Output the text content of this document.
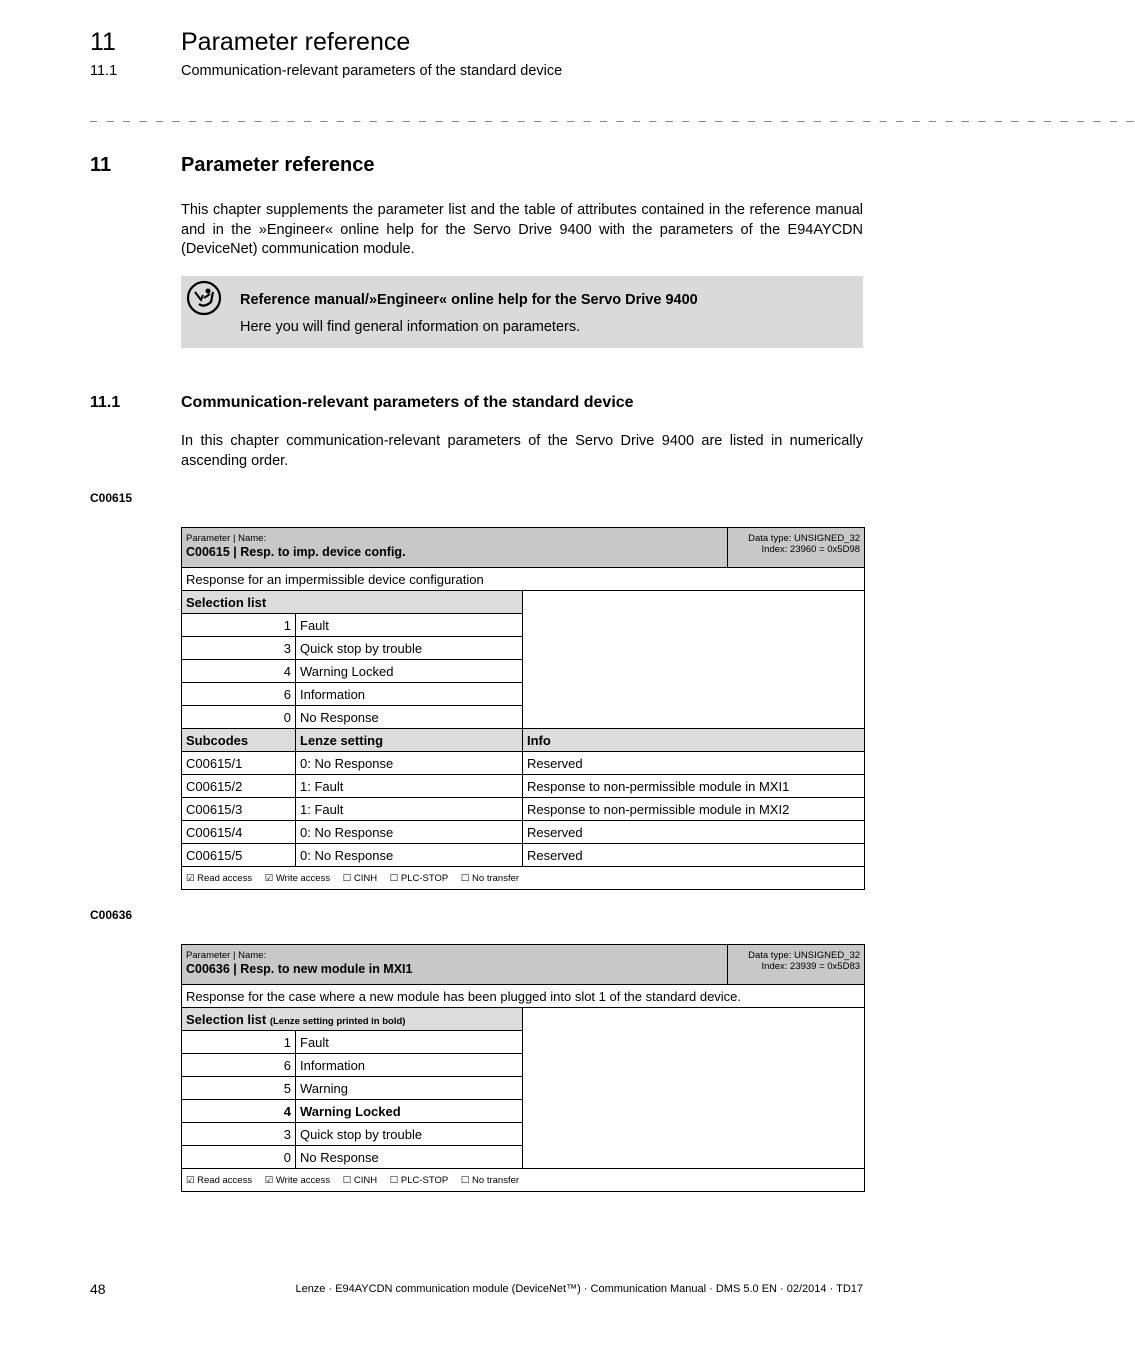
11	Parameter reference
11.1	Communication-relevant parameters of the standard device
_ _ _ _ _ _ _ _ _ _ _ _ _ _ _ _ _ _ _ _ _ _ _ _ _ _ _ _ _ _ _ _ _ _ _ _ _ _ _ _ _ _ _ _ _ _ _ _ _ _ _ _ _ _ _ _ _ _ _ _ _ _ _ _
11	Parameter reference
This chapter supplements the parameter list and the table of attributes contained in the reference manual and in the »Engineer« online help for the Servo Drive 9400 with the parameters of the E94AYCDN (DeviceNet) communication module.
Reference manual/»Engineer« online help for the Servo Drive 9400
Here you will find general information on parameters.
11.1	Communication-relevant parameters of the standard device
In this chapter communication-relevant parameters of the Servo Drive 9400 are listed in numerically ascending order.
C00615
Parameter | Name:
C00615 | Resp. to imp. device config.			Data type: UNSIGNED_32
Index: 23960 = 0x5D98

Response for an impermissible device configuration			
Selection list			
1	Fault		
3	Quick stop by trouble		
4	Warning Locked		
6	Information		
0	No Response		
Subcodes	Lenze setting	Info	
C00615/1	0: No Response	Reserved	
C00615/2	1: Fault	Response to non-permissible module in MXI1	
C00615/3	1: Fault	Response to non-permissible module in MXI2	
C00615/4	0: No Response	Reserved	
C00615/5	0: No Response	Reserved	
☑ Read access ☑ Write access ☐ CINH ☐ PLC-STOP ☐ No transfer			
C00636
Parameter | Name:
C00636 | Resp. to new module in MXI1			Data type: UNSIGNED_32
Index: 23939 = 0x5D83

Response for the case where a new module has been plugged into slot 1 of the standard device.			
Selection list (Lenze setting printed in bold)			
1	Fault		
6	Information		
5	Warning		
4	Warning Locked		
3	Quick stop by trouble		
0	No Response		
☑ Read access ☑ Write access ☐ CINH ☐ PLC-STOP ☐ No transfer			
48	Lenze · E94AYCDN communication module (DeviceNet™) · Communication Manual · DMS 5.0 EN · 02/2014 · TD17
